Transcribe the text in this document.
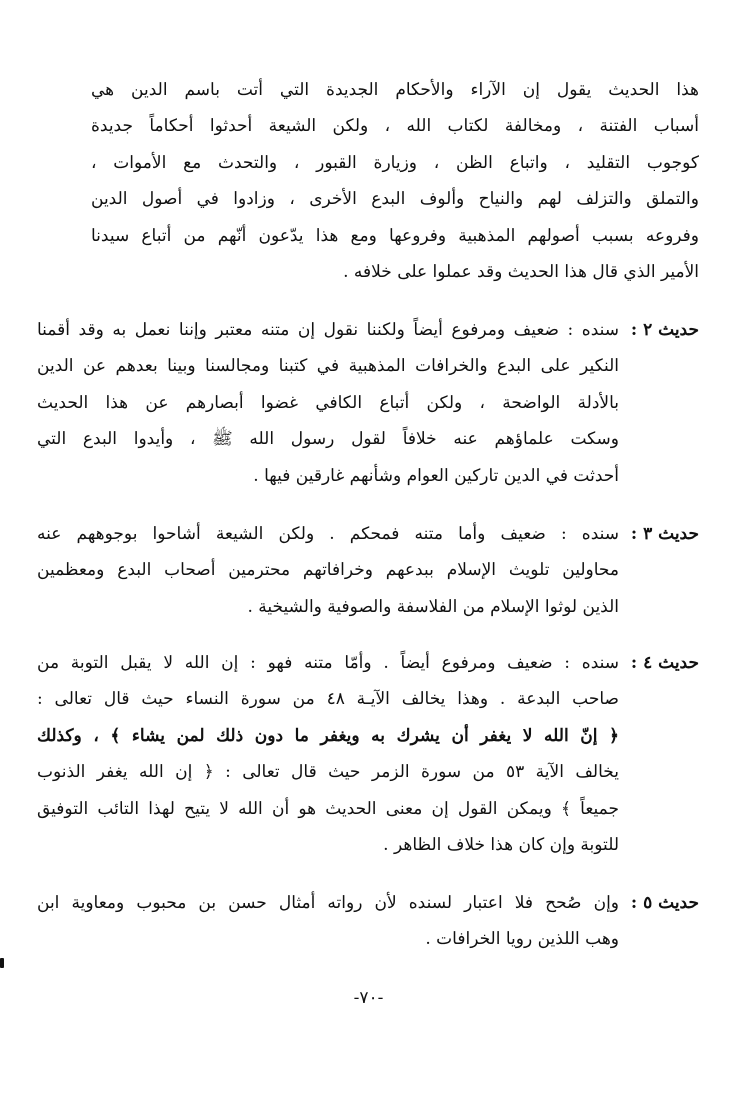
هذا الحديث يقول إن الآراء والأحكام الجديدة التي أتت باسم الدين هي
أسباب الفتنة ، ومخالفة لكتاب الله ، ولكن الشيعة أحدثوا أحكاماً جديدة
كوجوب التقليد ، واتباع الظن ، وزيارة القبور ، والتحدث مع الأموات ،
والتملق والتزلف لهم والنياح وألوف البدع الأخرى ، وزادوا في أصول الدين
وفروعه بسبب أصولهم المذهبية وفروعها ومع هذا يدّعون أنّهم من أتباع سيدنا
الأمير الذي قال هذا الحديث وقد عملوا على خلافه .
حديث ٢ :
سنده : ضعيف ومرفوع أيضاً ولكننا نقول إن متنه معتبر وإننا نعمل به وقد أقمنا
النكير على البدع والخرافات المذهبية في كتبنا ومجالسنا وبينا بعدهم عن الدين
بالأدلة الواضحة ، ولكن أتباع الكافي غضوا أبصارهم عن هذا الحديث
وسكت علماؤهم عنه خلافاً لقول رسول الله ﷺ ، وأيدوا البدع التي
أحدثت في الدين تاركين العوام وشأنهم غارقين فيها .
حديث ٣ :
سنده : ضعيف وأما متنه فمحكم . ولكن الشيعة أشاحوا بوجوههم عنه
محاولين تلويث الإسلام ببدعهم وخرافاتهم محترمين أصحاب البدع ومعظمين
الذين لوثوا الإسلام من الفلاسفة والصوفية والشيخية .
حديث ٤ :
سنده : ضعيف ومرفوع أيضاً . وأمّا متنه فهو : إن الله لا يقبل التوبة من
صاحب البدعة . وهذا يخالف الآيـة ٤٨ من سورة النساء حيث قال تعالى :
﴿ إنّ الله لا يغفر أن يشرك به ويغفر ما دون ذلك لمن يشاء ﴾ ، وكذلك
يخالف الآية ٥٣ من سورة الزمر حيث قال تعالى : ﴿ إن الله يغفر الذنوب
جميعاً ﴾ ويمكن القول إن معنى الحديث هو أن الله لا يتيح لهذا التائب التوفيق
للتوبة وإن كان هذا خلاف الظاهر .
حديث ٥ :
وإن صُحح فلا اعتبار لسنده لأن رواته أمثال حسن بن محبوب ومعاوية ابن
وهب اللذين رويا الخرافات .
-٧٠-
